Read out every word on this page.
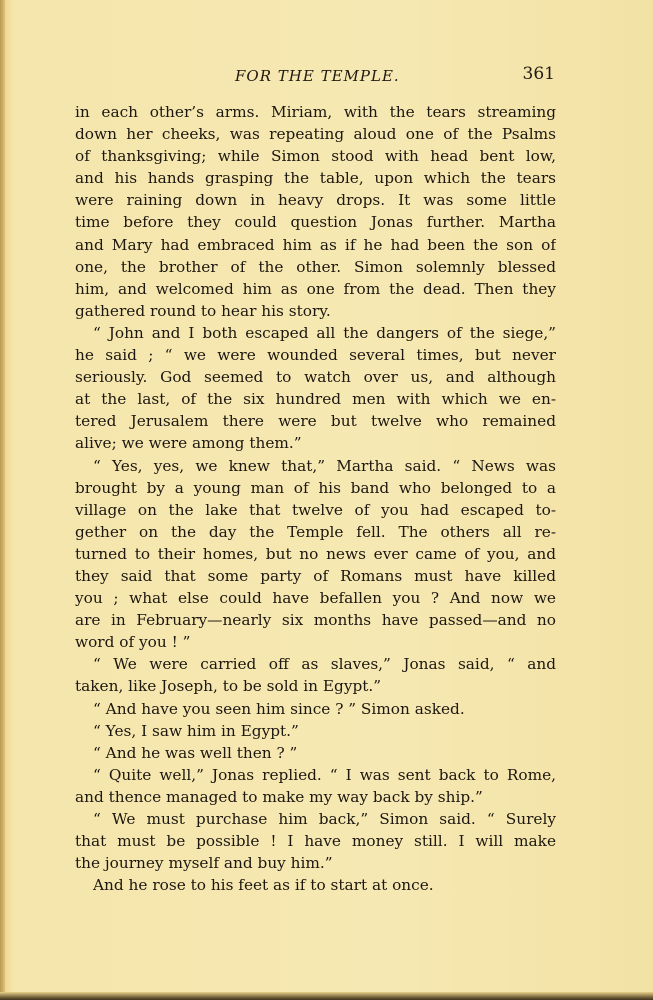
FOR THE TEMPLE.	361
in each other’s arms. Miriam, with the tears streaming
down her cheeks, was repeating aloud one of the Psalms
of thanksgiving; while Simon stood with head bent low,
and his hands grasping the table, upon which the tears
were raining down in heavy drops. It was some little
time before they could question Jonas further. Martha
and Mary had embraced him as if he had been the son of
one, the brother of the other. Simon solemnly blessed
him, and welcomed him as one from the dead. Then they
gathered round to hear his story.
“ John and I both escaped all the dangers of the siege,”
he said ; “ we were wounded several times, but never
seriously. God seemed to watch over us, and although
at the last, of the six hundred men with which we en-
tered Jerusalem there were but twelve who remained
alive; we were among them.”
“ Yes, yes, we knew that,” Martha said. “ News was
brought by a young man of his band who belonged to a
village on the lake that twelve of you had escaped to-
gether on the day the Temple fell. The others all re-
turned to their homes, but no news ever came of you, and
they said that some party of Romans must have killed
you ; what else could have befallen you ? And now we
are in February—nearly six months have passed—and no
word of you ! ”
“ We were carried off as slaves,” Jonas said, “ and
taken, like Joseph, to be sold in Egypt.”
“ And have you seen him since ? ” Simon asked.
“ Yes, I saw him in Egypt.”
“ And he was well then ? ”
“ Quite well,” Jonas replied. “ I was sent back to Rome,
and thence managed to make my way back by ship.”
“ We must purchase him back,” Simon said. “ Surely
that must be possible ! I have money still. I will make
the journey myself and buy him.”
And he rose to his feet as if to start at once.
